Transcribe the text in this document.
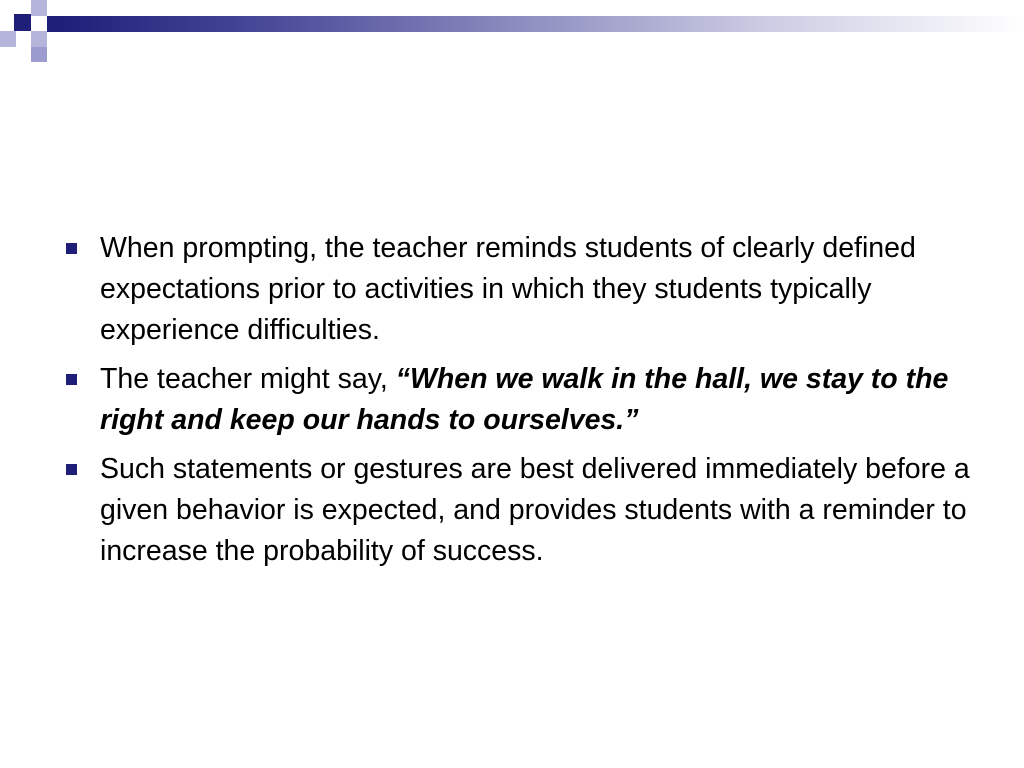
When prompting, the teacher reminds students of clearly defined expectations prior to activities in which they students typically experience difficulties.
The teacher might say, “When we walk in the hall, we stay to the right and keep our hands to ourselves.”
Such statements or gestures are best delivered immediately before a given behavior is expected, and provides students with a reminder to increase the probability of success.
